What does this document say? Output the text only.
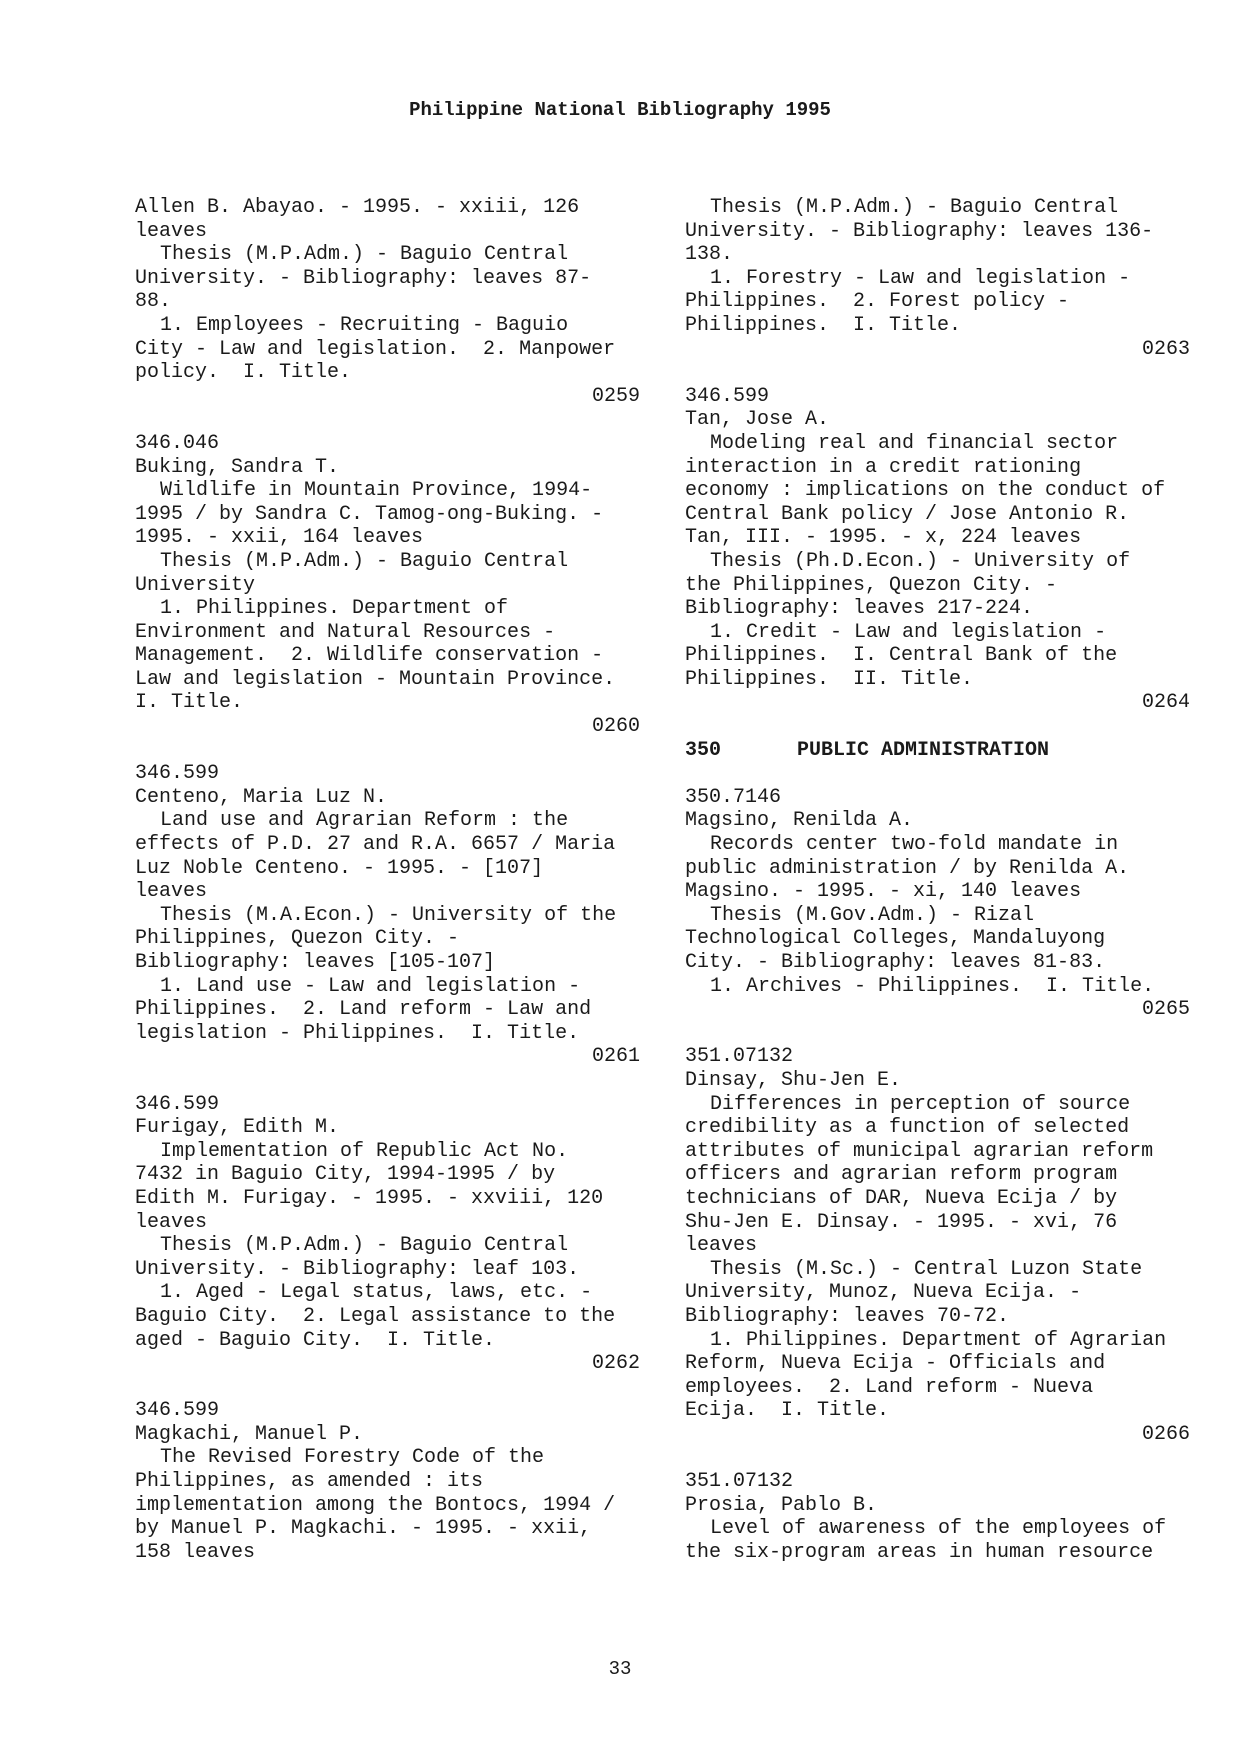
Philippine National Bibliography 1995
Allen B. Abayao. - 1995. - xxiii, 126
leaves
Thesis (M.P.Adm.) - Baguio Central
University. - Bibliography: leaves 87-
88.
1. Employees - Recruiting - Baguio
City - Law and legislation.  2. Manpower
policy.  I. Title.
0259
346.046
Buking, Sandra T.
Wildlife in Mountain Province, 1994-
1995 / by Sandra C. Tamog-ong-Buking. -
1995. - xxii, 164 leaves
Thesis (M.P.Adm.) - Baguio Central
University
1. Philippines. Department of
Environment and Natural Resources -
Management.  2. Wildlife conservation -
Law and legislation - Mountain Province.
I. Title.
0260
346.599
Centeno, Maria Luz N.
Land use and Agrarian Reform : the
effects of P.D. 27 and R.A. 6657 / Maria
Luz Noble Centeno. - 1995. - [107]
leaves
Thesis (M.A.Econ.) - University of the
Philippines, Quezon City. -
Bibliography: leaves [105-107]
1. Land use - Law and legislation -
Philippines.  2. Land reform - Law and
legislation - Philippines.  I. Title.
0261
346.599
Furigay, Edith M.
Implementation of Republic Act No.
7432 in Baguio City, 1994-1995 / by
Edith M. Furigay. - 1995. - xxviii, 120
leaves
Thesis (M.P.Adm.) - Baguio Central
University. - Bibliography: leaf 103.
1. Aged - Legal status, laws, etc. -
Baguio City.  2. Legal assistance to the
aged - Baguio City.  I. Title.
0262
346.599
Magkachi, Manuel P.
The Revised Forestry Code of the
Philippines, as amended : its
implementation among the Bontocs, 1994 /
by Manuel P. Magkachi. - 1995. - xxii,
158 leaves
Thesis (M.P.Adm.) - Baguio Central
University. - Bibliography: leaves 136-
138.
1. Forestry - Law and legislation -
Philippines.  2. Forest policy -
Philippines.  I. Title.
0263
346.599
Tan, Jose A.
Modeling real and financial sector
interaction in a credit rationing
economy : implications on the conduct of
Central Bank policy / Jose Antonio R.
Tan, III. - 1995. - x, 224 leaves
Thesis (Ph.D.Econ.) - University of
the Philippines, Quezon City. -
Bibliography: leaves 217-224.
1. Credit - Law and legislation -
Philippines.  I. Central Bank of the
Philippines.  II. Title.
0264
350	PUBLIC ADMINISTRATION
350.7146
Magsino, Renilda A.
Records center two-fold mandate in
public administration / by Renilda A.
Magsino. - 1995. - xi, 140 leaves
Thesis (M.Gov.Adm.) - Rizal
Technological Colleges, Mandaluyong
City. - Bibliography: leaves 81-83.
1. Archives - Philippines.  I. Title.
0265
351.07132
Dinsay, Shu-Jen E.
Differences in perception of source
credibility as a function of selected
attributes of municipal agrarian reform
officers and agrarian reform program
technicians of DAR, Nueva Ecija / by
Shu-Jen E. Dinsay. - 1995. - xvi, 76
leaves
Thesis (M.Sc.) - Central Luzon State
University, Munoz, Nueva Ecija. -
Bibliography: leaves 70-72.
1. Philippines. Department of Agrarian
Reform, Nueva Ecija - Officials and
employees.  2. Land reform - Nueva
Ecija.  I. Title.
0266
351.07132
Prosia, Pablo B.
Level of awareness of the employees of
the six-program areas in human resource
33
